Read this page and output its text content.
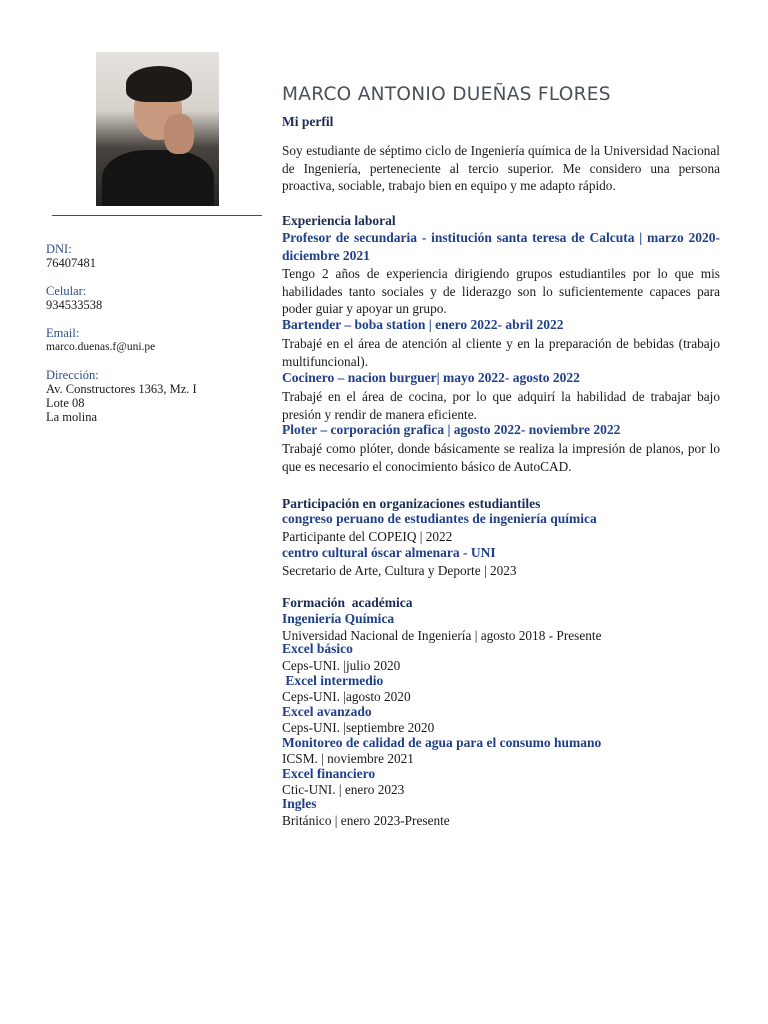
DNI:
76407481
Celular:
934533538
Email:
marco.duenas.f@uni.pe
Dirección:
Av. Constructores 1363, Mz. I
Lote 08
La molina
MARCO ANTONIO DUEÑAS FLORES
Mi perfil
Soy estudiante de séptimo ciclo de Ingeniería química de la Universidad Nacional de Ingeniería, perteneciente al tercio superior. Me considero una persona proactiva, sociable, trabajo bien en equipo y me adapto rápido.
Experiencia laboral
Profesor de secundaria - institución santa teresa de Calcuta | marzo 2020-diciembre 2021
Tengo 2 años de experiencia dirigiendo grupos estudiantiles por lo que mis habilidades tanto sociales y de liderazgo son lo suficientemente capaces para poder guiar y apoyar un grupo.
Bartender – boba station | enero 2022- abril 2022
Trabajé en el área de atención al cliente y en la preparación de bebidas (trabajo multifuncional).
Cocinero – nacion burguer| mayo 2022- agosto 2022
Trabajé en el área de cocina, por lo que adquirí la habilidad de trabajar bajo presión y rendir de manera eficiente.
Ploter – corporación grafica | agosto 2022- noviembre 2022
Trabajé como plóter, donde básicamente se realiza la impresión de planos, por lo que es necesario el conocimiento básico de AutoCAD.
Participación en organizaciones estudiantiles
congreso peruano de estudiantes de ingeniería química
Participante del COPEIQ | 2022
centro cultural óscar almenara - UNI
Secretario de Arte, Cultura y Deporte | 2023
Formación  académica
Ingeniería Química
Universidad Nacional de Ingeniería | agosto 2018 - Presente
Excel básico
Ceps-UNI. |julio 2020
Excel intermedio
Ceps-UNI. |agosto 2020
Excel avanzado
Ceps-UNI. |septiembre 2020
Monitoreo de calidad de agua para el consumo humano
ICSM. | noviembre 2021
Excel financiero
Ctic-UNI. | enero 2023
Ingles
Británico | enero 2023-Presente
